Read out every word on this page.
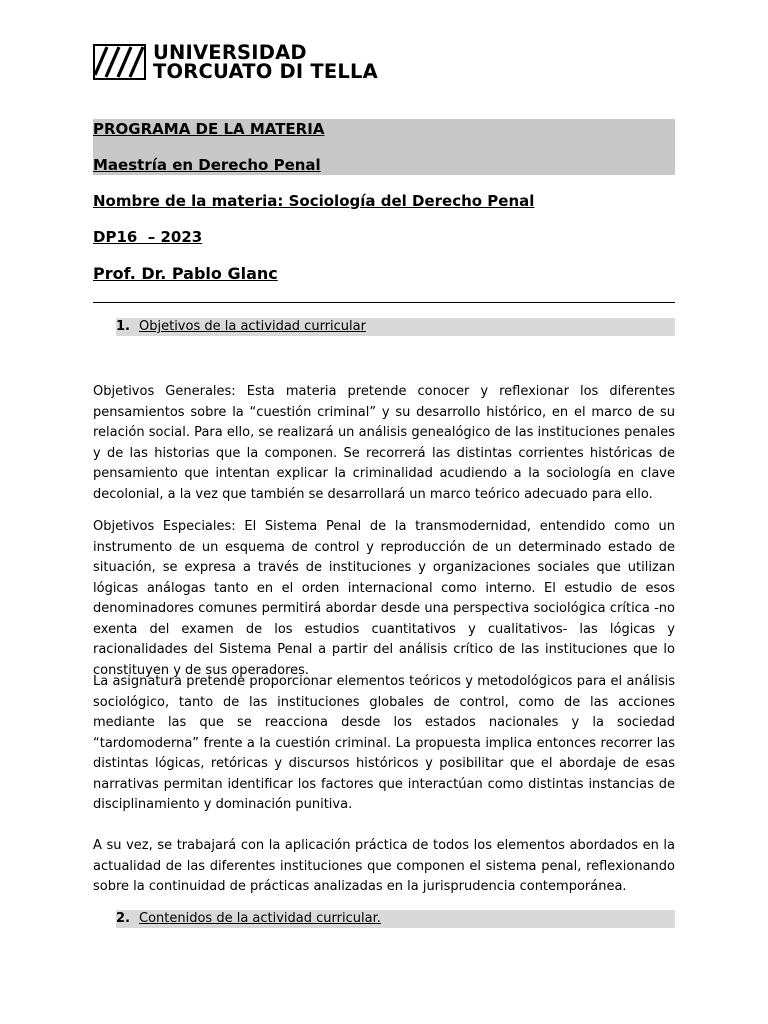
UNIVERSIDAD
TORCUATO DI TELLA
PROGRAMA DE LA MATERIA
Maestría en Derecho Penal
Nombre de la materia: Sociología del Derecho Penal
DP16  – 2023
Prof. Dr. Pablo Glanc
1. Objetivos de la actividad curricular
Objetivos Generales: Esta materia pretende conocer y reflexionar los diferentes pensamientos sobre la “cuestión criminal” y su desarrollo histórico, en el marco de su relación social. Para ello, se realizará un análisis genealógico de las instituciones penales y de las historias que la componen. Se recorrerá las distintas corrientes históricas de pensamiento que intentan explicar la criminalidad acudiendo a la sociología en clave decolonial, a la vez que también se desarrollará un marco teórico adecuado para ello.
Objetivos Especiales: El Sistema Penal de la transmodernidad, entendido como un instrumento de un esquema de control y reproducción de un determinado estado de situación, se expresa a través de instituciones y organizaciones sociales que utilizan lógicas análogas tanto en el orden internacional como interno. El estudio de esos denominadores comunes permitirá abordar desde una perspectiva sociológica crítica -no exenta del examen de los estudios cuantitativos y cualitativos- las lógicas y racionalidades del Sistema Penal a partir del análisis crítico de las instituciones que lo constituyen y de sus operadores.
La asignatura pretende proporcionar elementos teóricos y metodológicos para el análisis sociológico, tanto de las instituciones globales de control, como de las acciones mediante las que se reacciona desde los estados nacionales y la sociedad “tardomoderna” frente a la cuestión criminal. La propuesta implica entonces recorrer las distintas lógicas, retóricas y discursos históricos y posibilitar que el abordaje de esas narrativas permitan identificar los factores que interactúan como distintas instancias de disciplinamiento y dominación punitiva.
A su vez, se trabajará con la aplicación práctica de todos los elementos abordados en la actualidad de las diferentes instituciones que componen el sistema penal, reflexionando sobre la continuidad de prácticas analizadas en la jurisprudencia contemporánea.
2. Contenidos de la actividad curricular.
